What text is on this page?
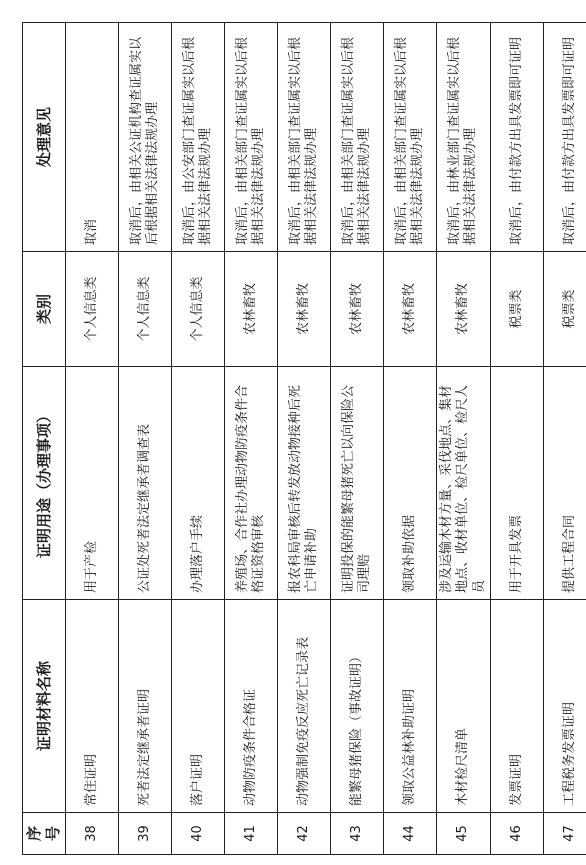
序号	证明材料名称	证明用途（办理事项）	类别	处理意见
38	常住证明	用于产检	个人信息类	取消
39	死者法定继承者证明	公证处死者法定继承者调查表	个人信息类	取消后，由相关公证机构查证属实以后根据相关法律法规办理
40	落户证明	办理落户手续	个人信息类	取消后，由公安部门查证属实以后根据相关法律法规办理
41	动物防疫条件合格证	养殖场、合作社办理动物防疫条件合格证资格审核	农林畜牧	取消后，由相关部门查证属实以后根据相关法律法规办理
42	动物强制免疫反应死亡记录表	报农科局审核后转发放动物接种后死亡申请补助	农林畜牧	取消后，由相关部门查证属实以后根据相关法律法规办理
43	能繁母猪保险（事故证明）	证明投保的能繁母猪死亡以向保险公司理赔	农林畜牧	取消后，由相关部门查证属实以后根据相关法律法规办理
44	领取公益林补助证明	领取补助依据	农林畜牧	取消后，由相关部门查证属实以后根据相关法律法规办理
45	木材检尺清单	涉及运输木材方量、采伐地点、集材地点、收材单位、检尺单位、检尺人员	农林畜牧	取消后，由林业部门查证属实以后根据相关法律法规办理
46	发票证明	用于开具发票	税票类	取消后，由付款方出具发票即可证明
47	工程税务发票证明	提供工程合同	税票类	取消后，由付款方出具发票即可证明
